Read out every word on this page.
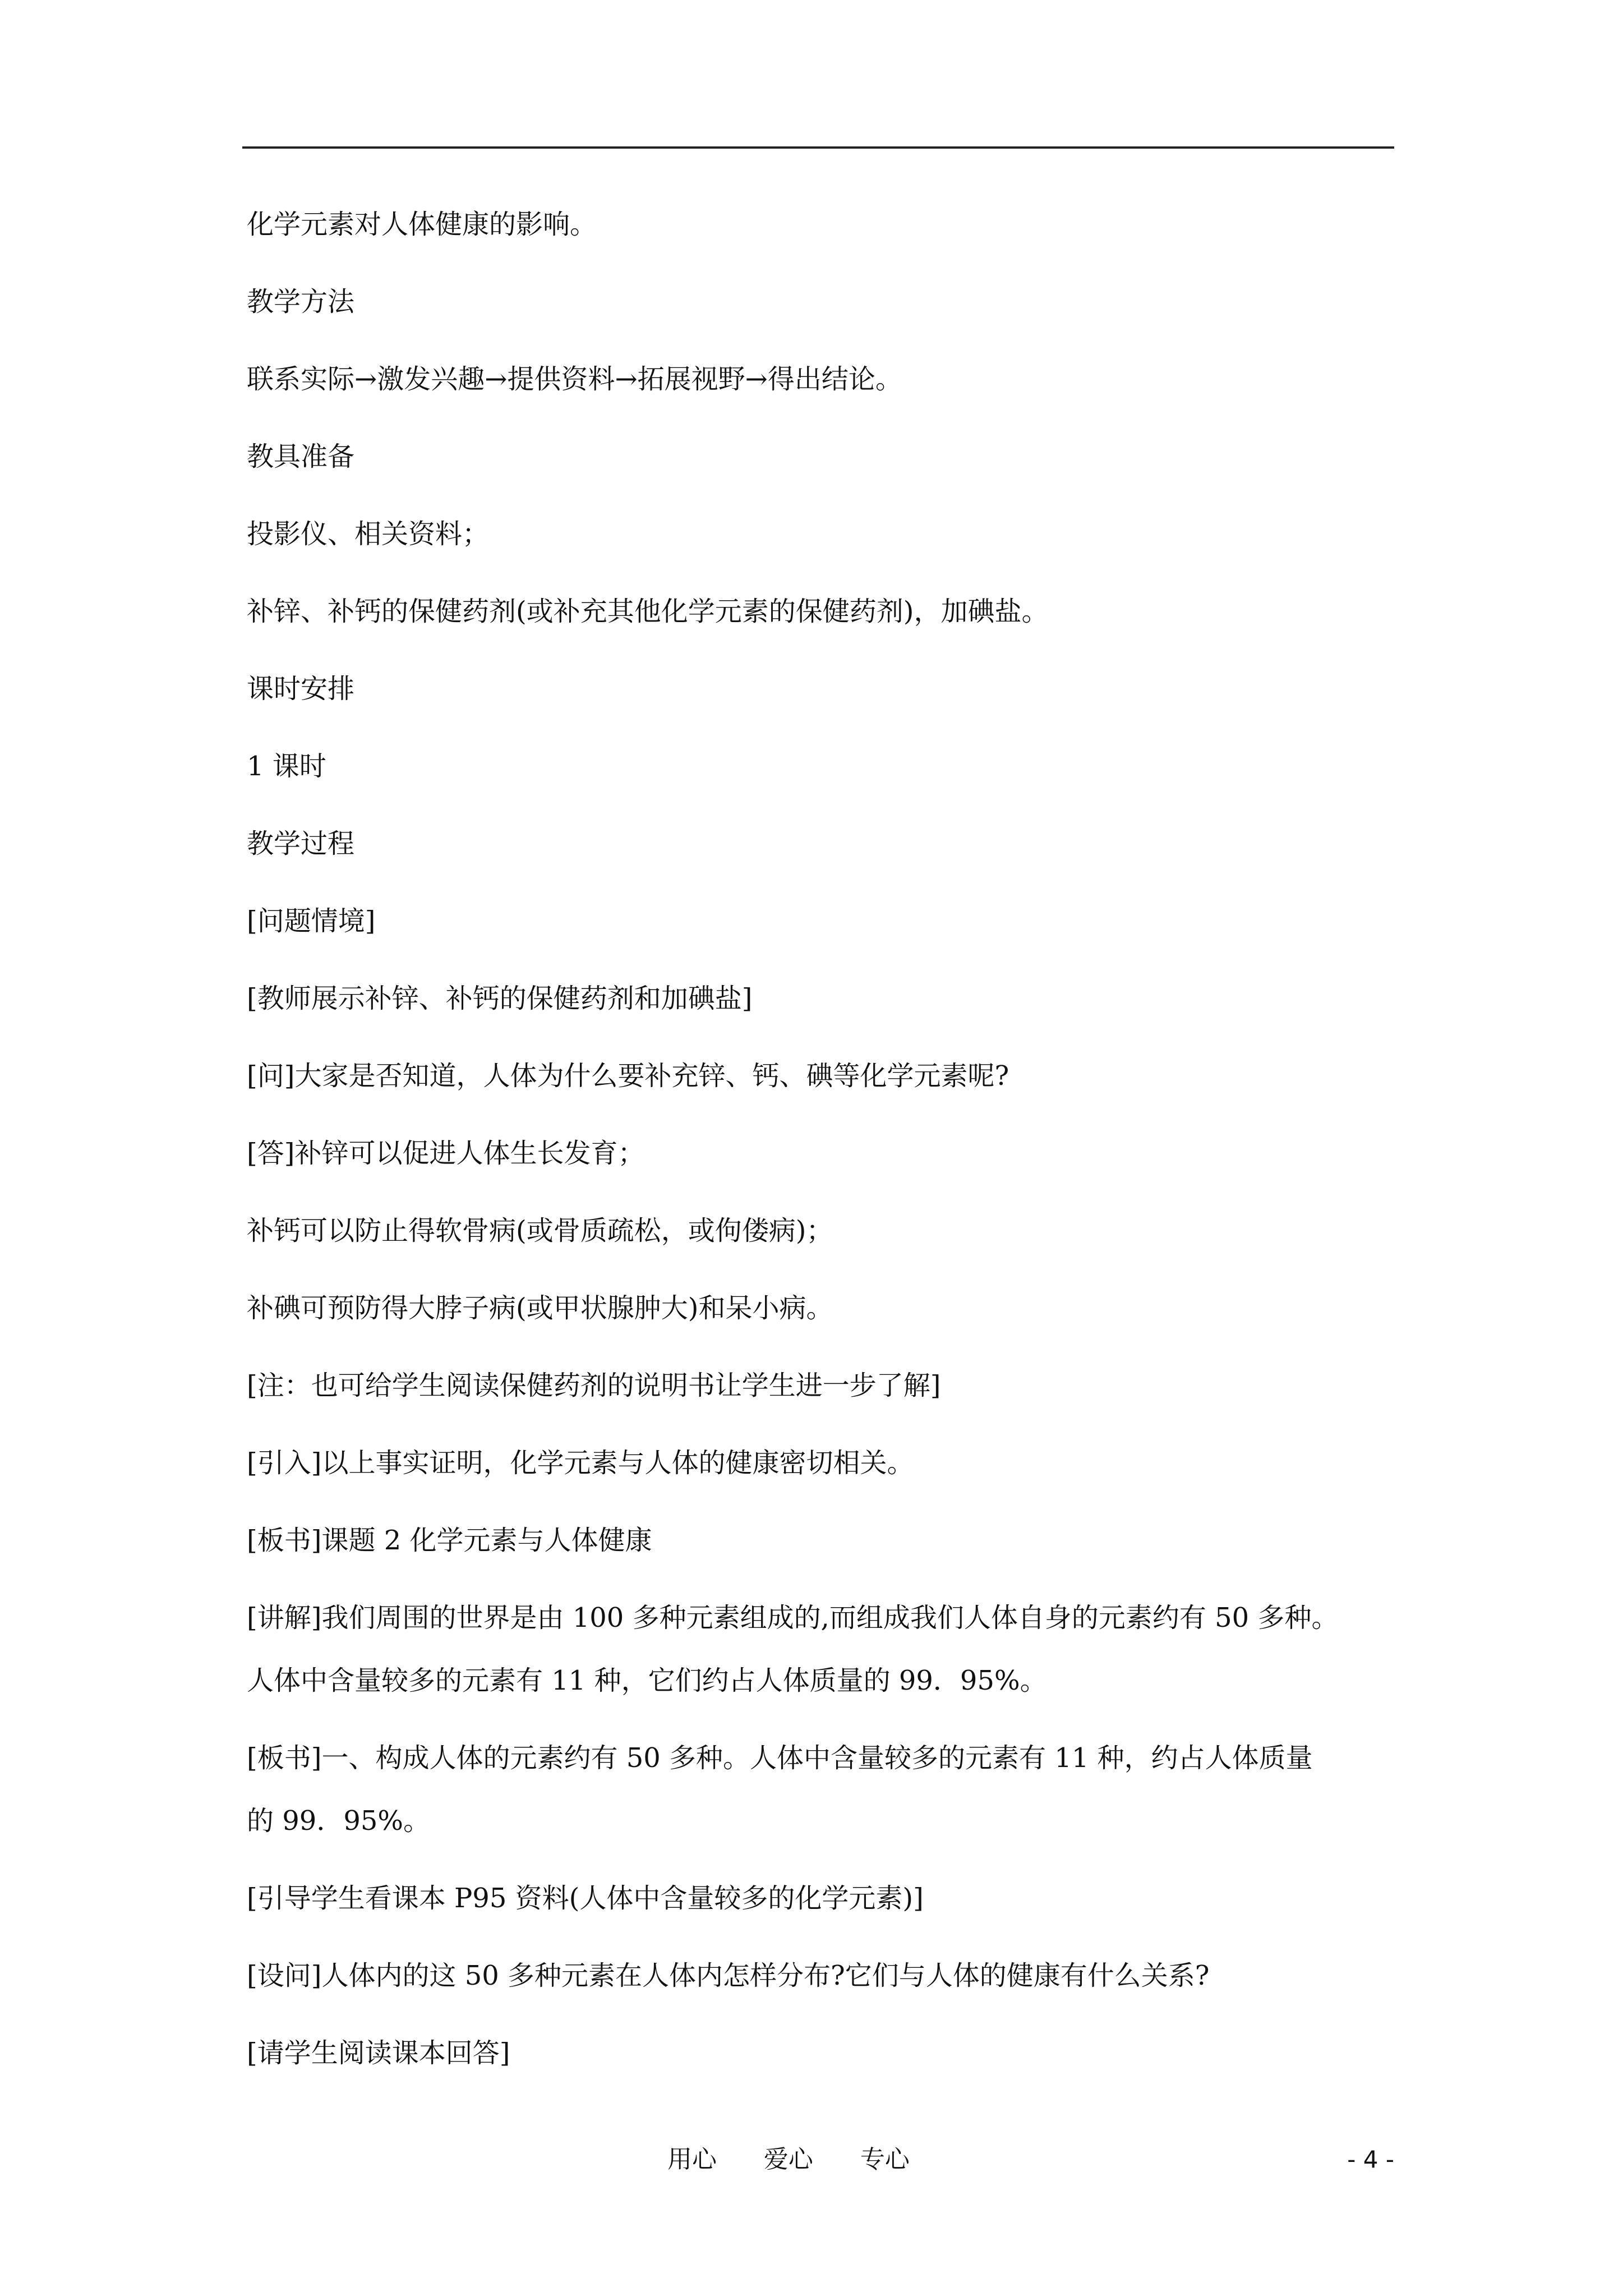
化学元素对人体健康的影响。
教学方法
联系实际→激发兴趣→提供资料→拓展视野→得出结论。
教具准备
投影仪、相关资料；
补锌、补钙的保健药剂(或补充其他化学元素的保健药剂)，加碘盐。
课时安排
1 课时
教学过程
[问题情境]
[教师展示补锌、补钙的保健药剂和加碘盐]
[问]大家是否知道，人体为什么要补充锌、钙、碘等化学元素呢?
[答]补锌可以促进人体生长发育；
补钙可以防止得软骨病(或骨质疏松，或佝偻病)；
补碘可预防得大脖子病(或甲状腺肿大)和呆小病。
[注：也可给学生阅读保健药剂的说明书让学生进一步了解]
[引入]以上事实证明，化学元素与人体的健康密切相关。
[板书]课题 2 化学元素与人体健康
[讲解]我们周围的世界是由 100 多种元素组成的,而组成我们人体自身的元素约有 50 多种。
人体中含量较多的元素有 11 种，它们约占人体质量的 99．95%。
[板书]一、构成人体的元素约有 50 多种。人体中含量较多的元素有 11 种，约占人体质量
的 99．95%。
[引导学生看课本 P95 资料(人体中含量较多的化学元素)]
[设问]人体内的这 50 多种元素在人体内怎样分布?它们与人体的健康有什么关系?
[请学生阅读课本回答]
用心      爱心      专心	- 4 -
